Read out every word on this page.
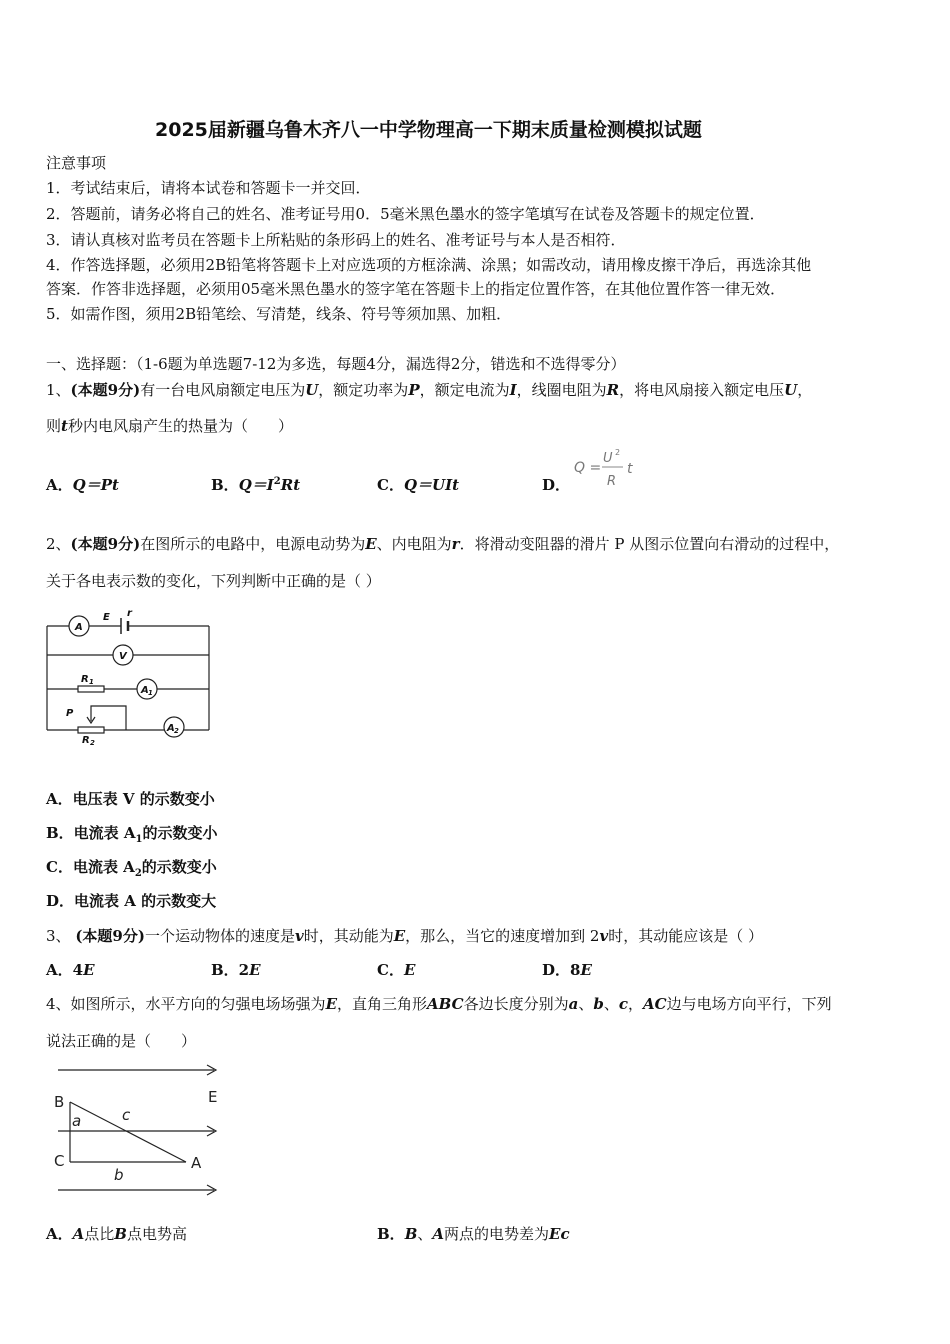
2025届新疆乌鲁木齐八一中学物理高一下期末质量检测模拟试题
注意事项
1．考试结束后，请将本试卷和答题卡一并交回．
2．答题前，请务必将自己的姓名、准考证号用0．5毫米黑色墨水的签字笔填写在试卷及答题卡的规定位置．
3．请认真核对监考员在答题卡上所粘贴的条形码上的姓名、准考证号与本人是否相符．
4．作答选择题，必须用2B铅笔将答题卡上对应选项的方框涂满、涂黑；如需改动，请用橡皮擦干净后，再选涂其他
答案．作答非选择题，必须用05毫米黑色墨水的签字笔在答题卡上的指定位置作答，在其他位置作答一律无效．
5．如需作图，须用2B铅笔绘、写清楚，线条、符号等须加黑、加粗．
一、选择题：（1-6题为单选题7-12为多选，每题4分，漏选得2分，错选和不选得零分）
1、(本题9分)有一台电风扇额定电压为U，额定功率为P，额定电流为I，线圈电阻为R，将电风扇接入额定电压U，
则t秒内电风扇产生的热量为（　　）
A．Q＝Pt	B．$Q=I^2Rt$	C．Q＝UIt	D．
Q =
U 2
R
t
2、(本题9分)在图所示的电路中，电源电动势为E、内电阻为r．将滑动变阻器的滑片 P 从图示位置向右滑动的过程中，
关于各电表示数的变化，下列判断中正确的是（ ）
A
E r
V
R 1
A 1
P
A 2
R 2
A．电压表 V 的示数变小
B．电流表 $A_1$的示数变小
C．电流表 $A_2$的示数变小
D．电流表 A 的示数变大
3、 (本题9分)一个运动物体的速度是v时，其动能为E，那么，当它的速度增加到 2v时，其动能应该是（ ）
A．4E	B．2E	C．E	D．8E
4、如图所示，水平方向的匀强电场场强为E，直角三角形ABC各边长度分别为a、b、c，AC边与电场方向平行，下列
说法正确的是（　　）
B	E
a	c
C	A
b
A．A点比B点电势高	B．B、A两点的电势差为Ec
